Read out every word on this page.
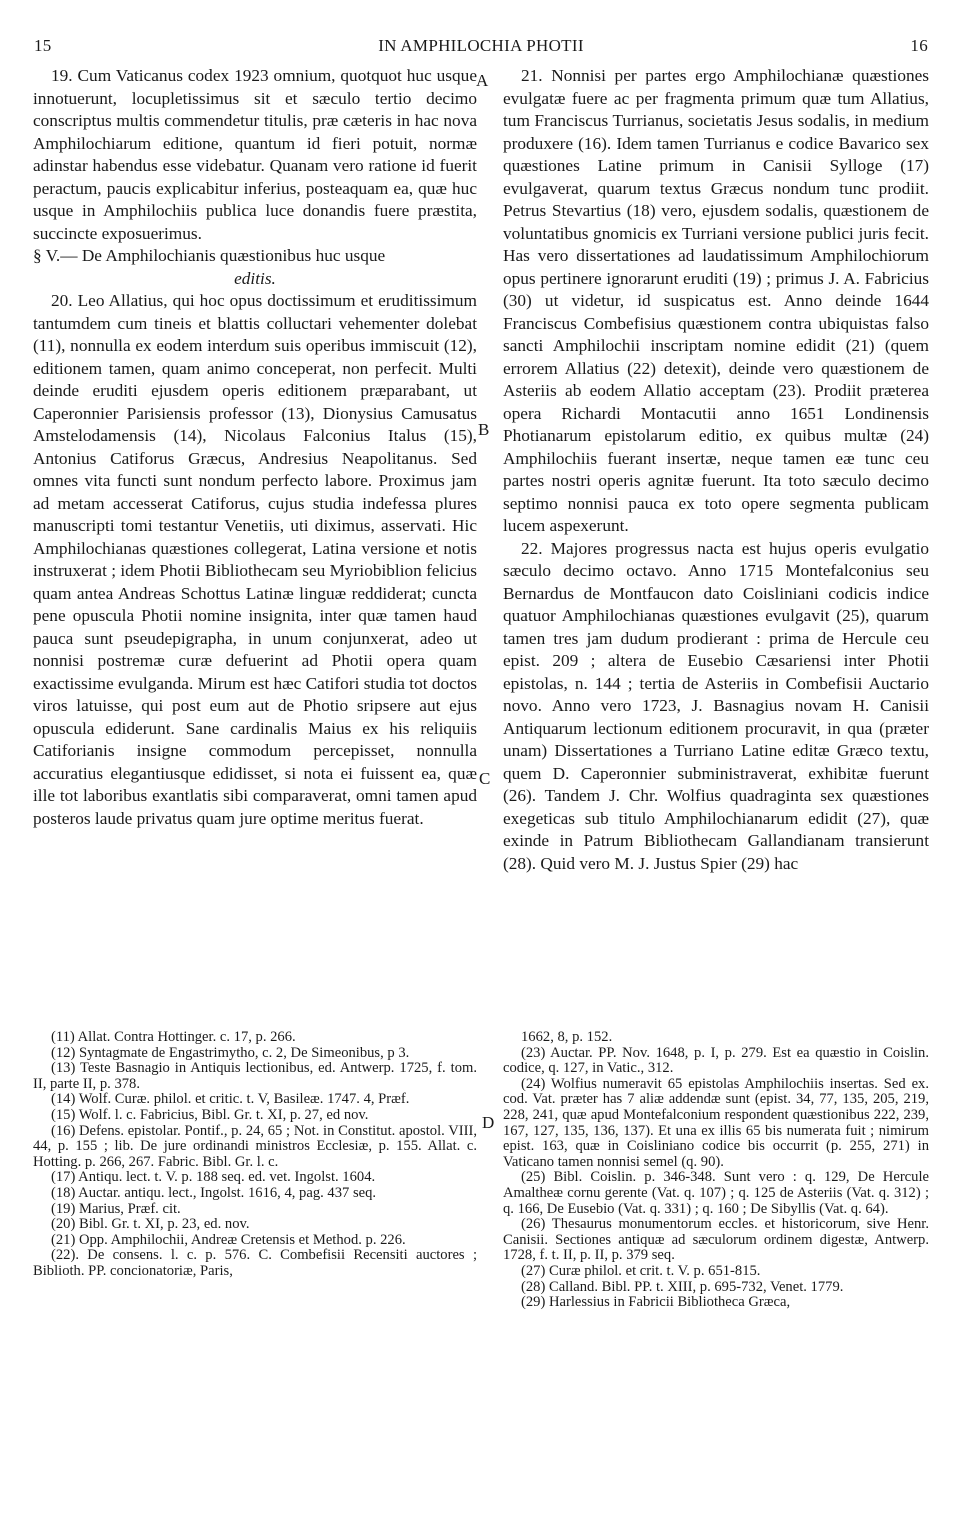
15	IN AMPHILOCHIA PHOTII	16
A
B
C
D

19. Cum Vaticanus codex 1923 omnium, quotquot huc usque innotuerunt, locupletissimus sit et sæculo tertio decimo conscriptus multis commendetur titulis, præ cæteris in hac nova Amphilochiarum editione, quantum id fieri potuit, normæ adinstar habendus esse videbatur. Quanam vero ratione id fuerit peractum, paucis explicabitur inferius, posteaquam ea, quæ huc usque in Amphilochiis publica luce donandis fuere præstita, succincte exposuerimus.

§ V.— De Amphilochianis quæstionibus huc usque

editis.

20. Leo Allatius, qui hoc opus doctissimum et eruditissimum tantumdem cum tineis et blattis colluctari vehementer dolebat (11), nonnulla ex eodem interdum suis operibus immiscuit (12), editionem tamen, quam animo conceperat, non perfecit. Multi deinde eruditi ejusdem operis editionem præparabant, ut Caperonnier Parisiensis professor (13), Dionysius Camusatus Amstelodamensis (14), Nicolaus Falconius Italus (15), Antonius Catiforus Græcus, Andresius Neapolitanus. Sed omnes vita functi sunt nondum perfecto labore. Proximus jam ad metam accesserat Catiforus, cujus studia indefessa plures manuscripti tomi testantur Venetiis, uti diximus, asservati. Hic Amphilochianas quæstiones collegerat, Latina versione et notis instruxerat ; idem Photii Bibliothecam seu Myriobiblion felicius quam antea Andreas Schottus Latinæ linguæ reddiderat; cuncta pene opuscula Photii nomine insignita, inter quæ tamen haud pauca sunt pseudepigrapha, in unum conjunxerat, adeo ut nonnisi postremæ curæ defuerint ad Photii opera quam exactissime evulganda. Mirum est hæc Catifori studia tot doctos viros latuisse, qui post eum aut de Photio sripsere aut ejus opuscula ediderunt. Sane cardinalis Maius ex his reliquiis Catiforianis insigne commodum percepisset, nonnulla accuratius elegantiusque edidisset, si nota ei fuissent ea, quæ ille tot laboribus exantlatis sibi comparaverat, omni tamen apud posteros laude privatus quam jure optime meritus fuerat.

21. Nonnisi per partes ergo Amphilochianæ quæstiones evulgatæ fuere ac per fragmenta primum quæ tum Allatius, tum Franciscus Turrianus, societatis Jesus sodalis, in medium produxere (16). Idem tamen Turrianus e codice Bavarico sex quæstiones Latine primum in Canisii Sylloge (17) evulgaverat, quarum textus Græcus nondum tunc prodiit. Petrus Stevartius (18) vero, ejusdem sodalis, quæstionem de voluntatibus gnomicis ex Turriani versione publici juris fecit. Has vero dissertationes ad laudatissimum Amphilochiorum opus pertinere ignorarunt eruditi (19) ; primus J. A. Fabricius (30) ut videtur, id suspicatus est. Anno deinde 1644 Franciscus Combefisius quæstionem contra ubiquistas falso sancti Amphilochii inscriptam nomine edidit (21) (quem errorem Allatius (22) detexit), deinde vero quæstionem de Asteriis ab eodem Allatio acceptam (23). Prodiit præterea opera Richardi Montacutii anno 1651 Londinensis Photianarum epistolarum editio, ex quibus multæ (24) Amphilochiis fuerant insertæ, neque tamen eæ tunc ceu partes nostri operis agnitæ fuerunt. Ita toto sæculo decimo septimo nonnisi pauca ex toto opere segmenta publicam lucem aspexerunt.

22. Majores progressus nacta est hujus operis evulgatio sæculo decimo octavo. Anno 1715 Montefalconius seu Bernardus de Montfaucon dato Coisliniani codicis indice quatuor Amphilochianas quæstiones evulgavit (25), quarum tamen tres jam dudum prodierant : prima de Hercule ceu epist. 209 ; altera de Eusebio Cæsariensi inter Photii epistolas, n. 144 ; tertia de Asteriis in Combefisii Auctario novo. Anno vero 1723, J. Basnagius novam H. Canisii Antiquarum lectionum editionem procuravit, in qua (præter unam) Dissertationes a Turriano Latine editæ Græco textu, quem D. Caperonnier subministraverat, exhibitæ fuerunt (26). Tandem J. Chr. Wolfius quadraginta sex quæstiones exegeticas sub titulo Amphilochianarum edidit (27), quæ exinde in Patrum Bibliothecam Gallandianam transierunt (28). Quid vero M. J. Justus Spier (29) hac

(11) Allat. Contra Hottinger. c. 17, p. 266.

(12) Syntagmate de Engastrimytho, c. 2, De Simeonibus, p 3.

(13) Teste Basnagio in Antiquis lectionibus, ed. Antwerp. 1725, f. tom. II, parte II, p. 378.

(14) Wolf. Curæ. philol. et critic. t. V, Basileæ. 1747. 4, Præf.

(15) Wolf. l. c. Fabricius, Bibl. Gr. t. XI, p. 27, ed nov.

(16) Defens. epistolar. Pontif., p. 24, 65 ; Not. in Constitut. apostol. VIII, 44, p. 155 ; lib. De jure ordinandi ministros Ecclesiæ, p. 155. Allat. c. Hotting. p. 266, 267. Fabric. Bibl. Gr. l. c.

(17) Antiqu. lect. t. V. p. 188 seq. ed. vet. Ingolst. 1604.

(18) Auctar. antiqu. lect., Ingolst. 1616, 4, pag. 437 seq.

(19) Marius, Præf. cit.

(20) Bibl. Gr. t. XI, p. 23, ed. nov.

(21) Opp. Amphilochii, Andreæ Cretensis et Method. p. 226.

(22). De consens. l. c. p. 576. C. Combefisii Recensiti auctores ; Biblioth. PP. concionatoriæ, Paris,

1662, 8, p. 152.

(23) Auctar. PP. Nov. 1648, p. I, p. 279. Est ea quæstio in Coislin. codice, q. 127, in Vatic., 312.

(24) Wolfius numeravit 65 epistolas Amphilochiis insertas. Sed ex. cod. Vat. præter has 7 aliæ addendæ sunt (epist. 34, 77, 135, 205, 219, 228, 241, quæ apud Montefalconium respondent quæstionibus 222, 239, 167, 127, 135, 136, 137). Et una ex illis 65 bis numerata fuit ; nimirum epist. 163, quæ in Coisliniano codice bis occurrit (p. 255, 271) in Vaticano tamen nonnisi semel (q. 90).

(25) Bibl. Coislin. p. 346-348. Sunt vero : q. 129, De Hercule Amaltheæ cornu gerente (Vat. q. 107) ; q. 125 de Asteriis (Vat. q. 312) ; q. 166, De Eusebio (Vat. q. 331) ; q. 160 ; De Sibyllis (Vat. q. 64).

(26) Thesaurus monumentorum eccles. et historicorum, sive Henr. Canisii. Sectiones antiquæ ad sæculorum ordinem digestæ, Antwerp. 1728, f. t. II, p. II, p. 379 seq.

(27) Curæ philol. et crit. t. V. p. 651-815.

(28) Calland. Bibl. PP. t. XIII, p. 695-732, Venet. 1779.

(29) Harlessius in Fabricii Bibliotheca Græca,
